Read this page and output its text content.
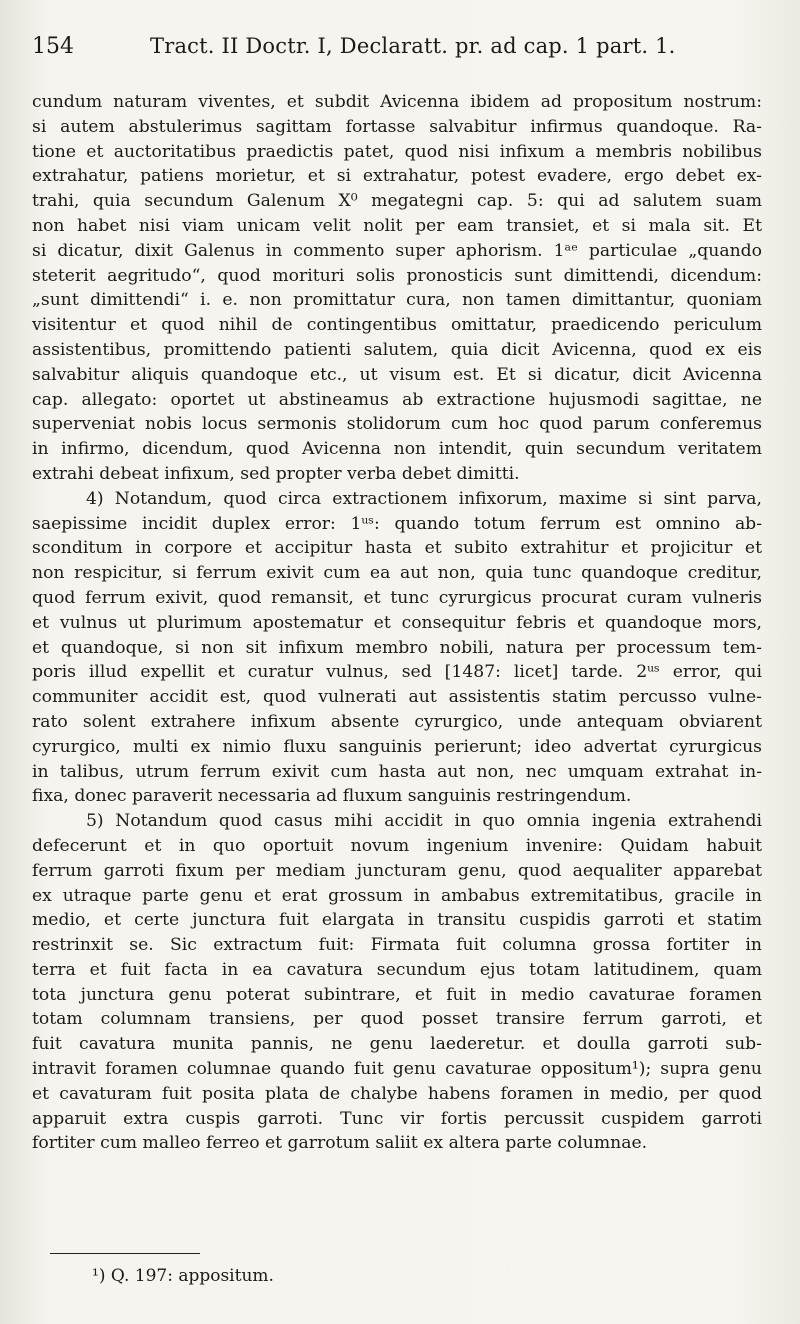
154	Tract. II Doctr. I, Declaratt. pr. ad cap. 1 part. 1.
cundum naturam viventes, et subdit Avicenna ibidem ad propositum nostrum:
si autem abstulerimus sagittam fortasse salvabitur infirmus quandoque. Ra-
tione et auctoritatibus praedictis patet, quod nisi infixum a membris nobilibus
extrahatur, patiens morietur, et si extrahatur, potest evadere, ergo debet ex-
trahi, quia secundum Galenum X⁰ megategni cap. 5: qui ad salutem suam
non habet nisi viam unicam velit nolit per eam transiet, et si mala sit. Et
si dicatur, dixit Galenus in commento super aphorism. 1ᵃᵉ particulae „quando
steterit aegritudo“, quod morituri solis pronosticis sunt dimittendi, dicendum:
„sunt dimittendi“ i. e. non promittatur cura, non tamen dimittantur, quoniam
visitentur et quod nihil de contingentibus omittatur, praedicendo periculum
assistentibus, promittendo patienti salutem, quia dicit Avicenna, quod ex eis
salvabitur aliquis quandoque etc., ut visum est. Et si dicatur, dicit Avicenna
cap. allegato: oportet ut abstineamus ab extractione hujusmodi sagittae, ne
superveniat nobis locus sermonis stolidorum cum hoc quod parum conferemus
in infirmo, dicendum, quod Avicenna non intendit, quin secundum veritatem
extrahi debeat infixum, sed propter verba debet dimitti.
4) Notandum, quod circa extractionem infixorum, maxime si sint parva,
saepissime incidit duplex error: 1ᵘˢ: quando totum ferrum est omnino ab-
sconditum in corpore et accipitur hasta et subito extrahitur et projicitur et
non respicitur, si ferrum exivit cum ea aut non, quia tunc quandoque creditur,
quod ferrum exivit, quod remansit, et tunc cyrurgicus procurat curam vulneris
et vulnus ut plurimum apostematur et consequitur febris et quandoque mors,
et quandoque, si non sit infixum membro nobili, natura per processum tem-
poris illud expellit et curatur vulnus, sed [1487: licet] tarde. 2ᵘˢ error, qui
communiter accidit est, quod vulnerati aut assistentis statim percusso vulne-
rato solent extrahere infixum absente cyrurgico, unde antequam obviarent
cyrurgico, multi ex nimio fluxu sanguinis perierunt; ideo advertat cyrurgicus
in talibus, utrum ferrum exivit cum hasta aut non, nec umquam extrahat in-
fixa, donec paraverit necessaria ad fluxum sanguinis restringendum.
5) Notandum quod casus mihi accidit in quo omnia ingenia extrahendi
defecerunt et in quo oportuit novum ingenium invenire: Quidam habuit
ferrum garroti fixum per mediam juncturam genu, quod aequaliter apparebat
ex utraque parte genu et erat grossum in ambabus extremitatibus, gracile in
medio, et certe junctura fuit elargata in transitu cuspidis garroti et statim
restrinxit se. Sic extractum fuit: Firmata fuit columna grossa fortiter in
terra et fuit facta in ea cavatura secundum ejus totam latitudinem, quam
tota junctura genu poterat subintrare, et fuit in medio cavaturae foramen
totam columnam transiens, per quod posset transire ferrum garroti, et
fuit cavatura munita pannis, ne genu laederetur. et doulla garroti sub-
intravit foramen columnae quando fuit genu cavaturae oppositum¹); supra genu
et cavaturam fuit posita plata de chalybe habens foramen in medio, per quod
apparuit extra cuspis garroti. Tunc vir fortis percussit cuspidem garroti
fortiter cum malleo ferreo et garrotum saliit ex altera parte columnae.
¹) Q. 197: appositum.
